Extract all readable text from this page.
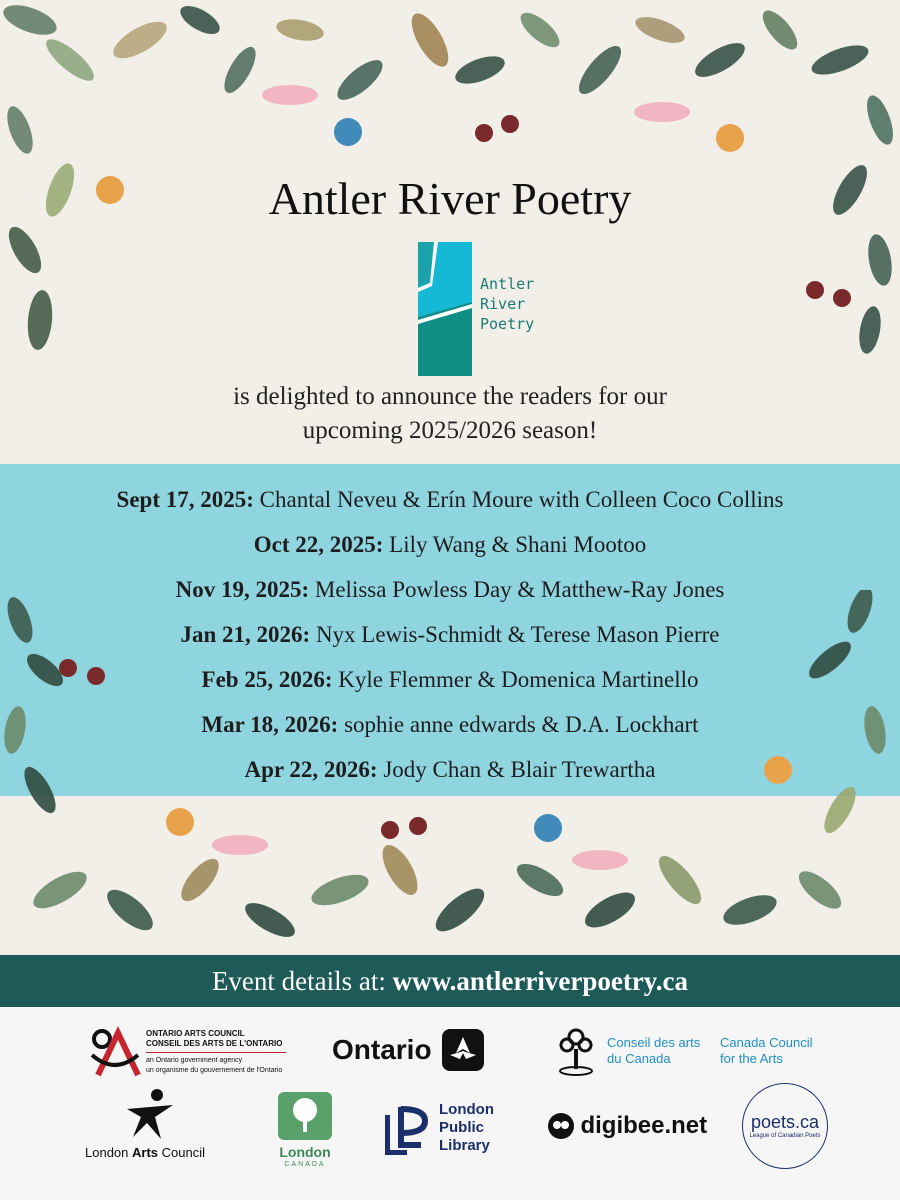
Antler River Poetry
Antler
River
Poetry
is delighted to announce the readers for our
upcoming 2025/2026 season!
Sept 17, 2025: Chantal Neveu & Erín Moure with Colleen Coco Collins
Oct 22, 2025: Lily Wang & Shani Mootoo
Nov 19, 2025: Melissa Powless Day & Matthew-Ray Jones
Jan 21, 2026: Nyx Lewis-Schmidt & Terese Mason Pierre
Feb 25, 2026: Kyle Flemmer & Domenica Martinello
Mar 18, 2026: sophie anne edwards & D.A. Lockhart
Apr 22, 2026: Jody Chan & Blair Trewartha
Event details at: www.antlerriverpoetry.ca
ONTARIO ARTS COUNCIL
CONSEIL DES ARTS DE L'ONTARIO
an Ontario government agency
un organisme du gouvernement de l'Ontario
Ontario	Conseil des arts
du Canada
Canada Council
for the Arts
London Arts Council	London
CANADA
London
Public
Library
digibee.net	poets.ca
League of Canadian Poets
